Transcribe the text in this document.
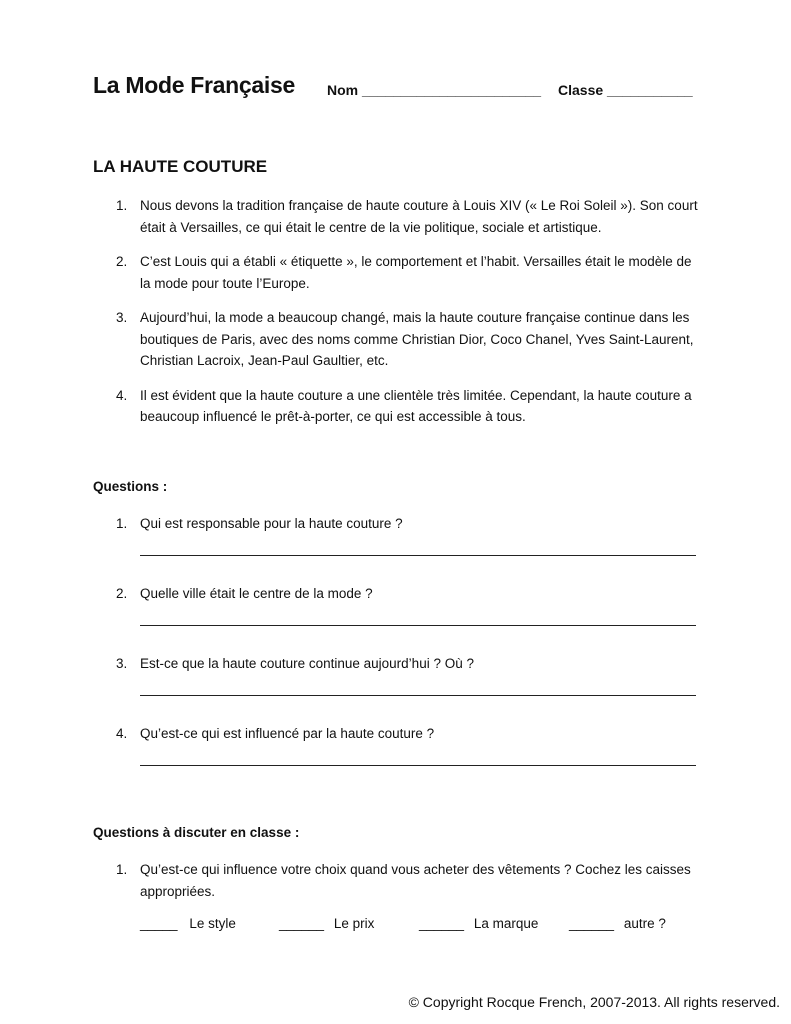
La Mode Française Nom _______________________ Classe ___________
LA HAUTE COUTURE
1. Nous devons la tradition française de haute couture à Louis XIV (« Le Roi Soleil »). Son court était à Versailles, ce qui était le centre de la vie politique, sociale et artistique.
2. C’est Louis qui a établi « étiquette », le comportement et l’habit. Versailles était le modèle de la mode pour toute l’Europe.
3. Aujourd’hui, la mode a beaucoup changé, mais la haute couture française continue dans les boutiques de Paris, avec des noms comme Christian Dior, Coco Chanel, Yves Saint-Laurent, Christian Lacroix, Jean-Paul Gaultier, etc.
4. Il est évident que la haute couture a une clientèle très limitée. Cependant, la haute couture a beaucoup influencé le prêt-à-porter, ce qui est accessible à tous.
Questions :
1. Qui est responsable pour la haute couture ?
2. Quelle ville était le centre de la mode ?
3. Est-ce que la haute couture continue aujourd’hui ? Où ?
4. Qu’est-ce qui est influencé par la haute couture ?
Questions à discuter en classe :
1. Qu’est-ce qui influence votre choix quand vous acheter des vêtements ? Cochez les caisses appropriées.
_____ Le style	______ Le prix	______ La marque ______ autre ?
© Copyright Rocque French, 2007-2013. All rights reserved.
